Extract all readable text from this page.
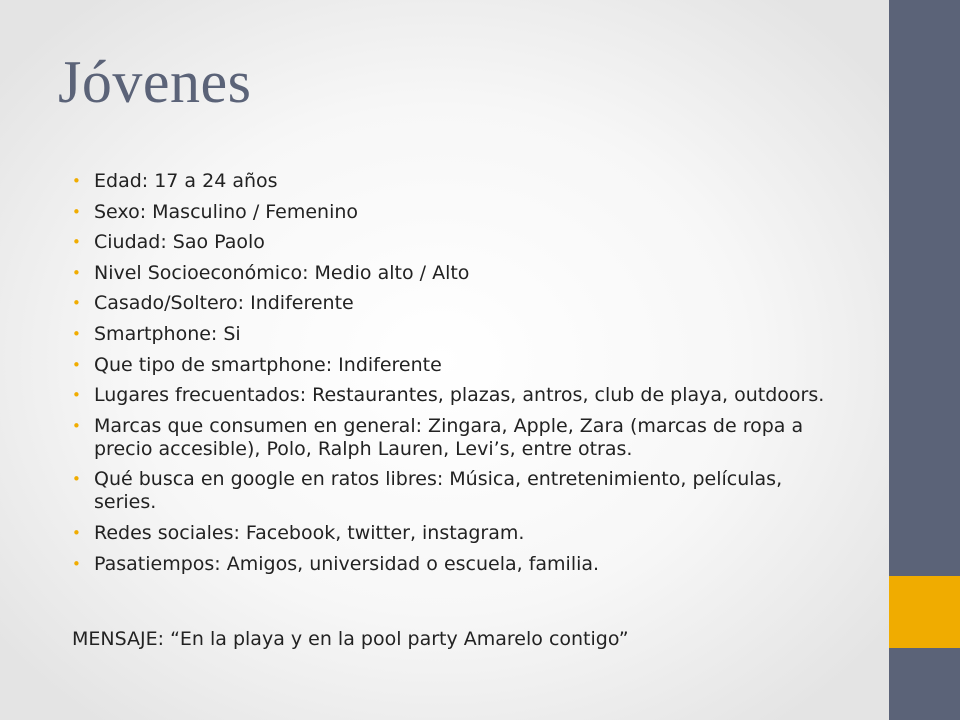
Jóvenes
• Edad: 17 a 24 años
• Sexo: Masculino / Femenino
• Ciudad: Sao Paolo
• Nivel Socioeconómico: Medio alto / Alto
• Casado/Soltero: Indiferente
• Smartphone: Si
• Que tipo de smartphone: Indiferente
• Lugares frecuentados: Restaurantes, plazas, antros, club de playa, outdoors.
• Marcas que consumen en general: Zingara, Apple, Zara (marcas de ropa a precio accesible), Polo, Ralph Lauren, Levi’s, entre otras.
• Qué busca en google en ratos libres: Música, entretenimiento, películas, series.
• Redes sociales: Facebook, twitter, instagram.
• Pasatiempos: Amigos, universidad o escuela, familia.

MENSAJE: “En la playa y en la pool party Amarelo contigo”
